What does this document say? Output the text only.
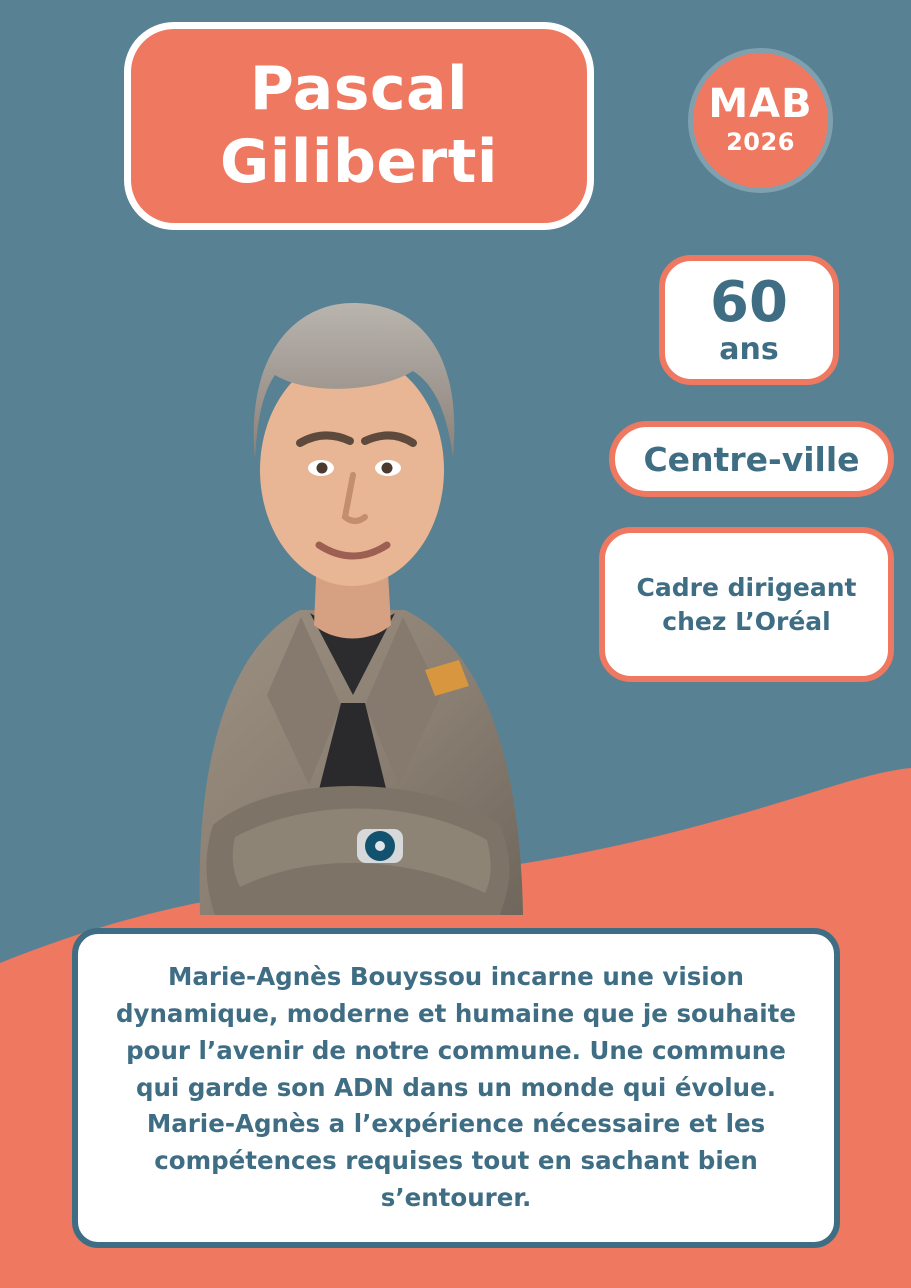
Pascal
Giliberti
MAB
2026
60
ans
Centre-ville
Cadre dirigeant
chez L’Oréal
Marie-Agnès Bouyssou incarne une vision dynamique, moderne et humaine que je souhaite pour l’avenir de notre commune. Une commune qui garde son ADN dans un monde qui évolue. Marie-Agnès a l’expérience nécessaire et les compétences requises tout en sachant bien s’entourer.
